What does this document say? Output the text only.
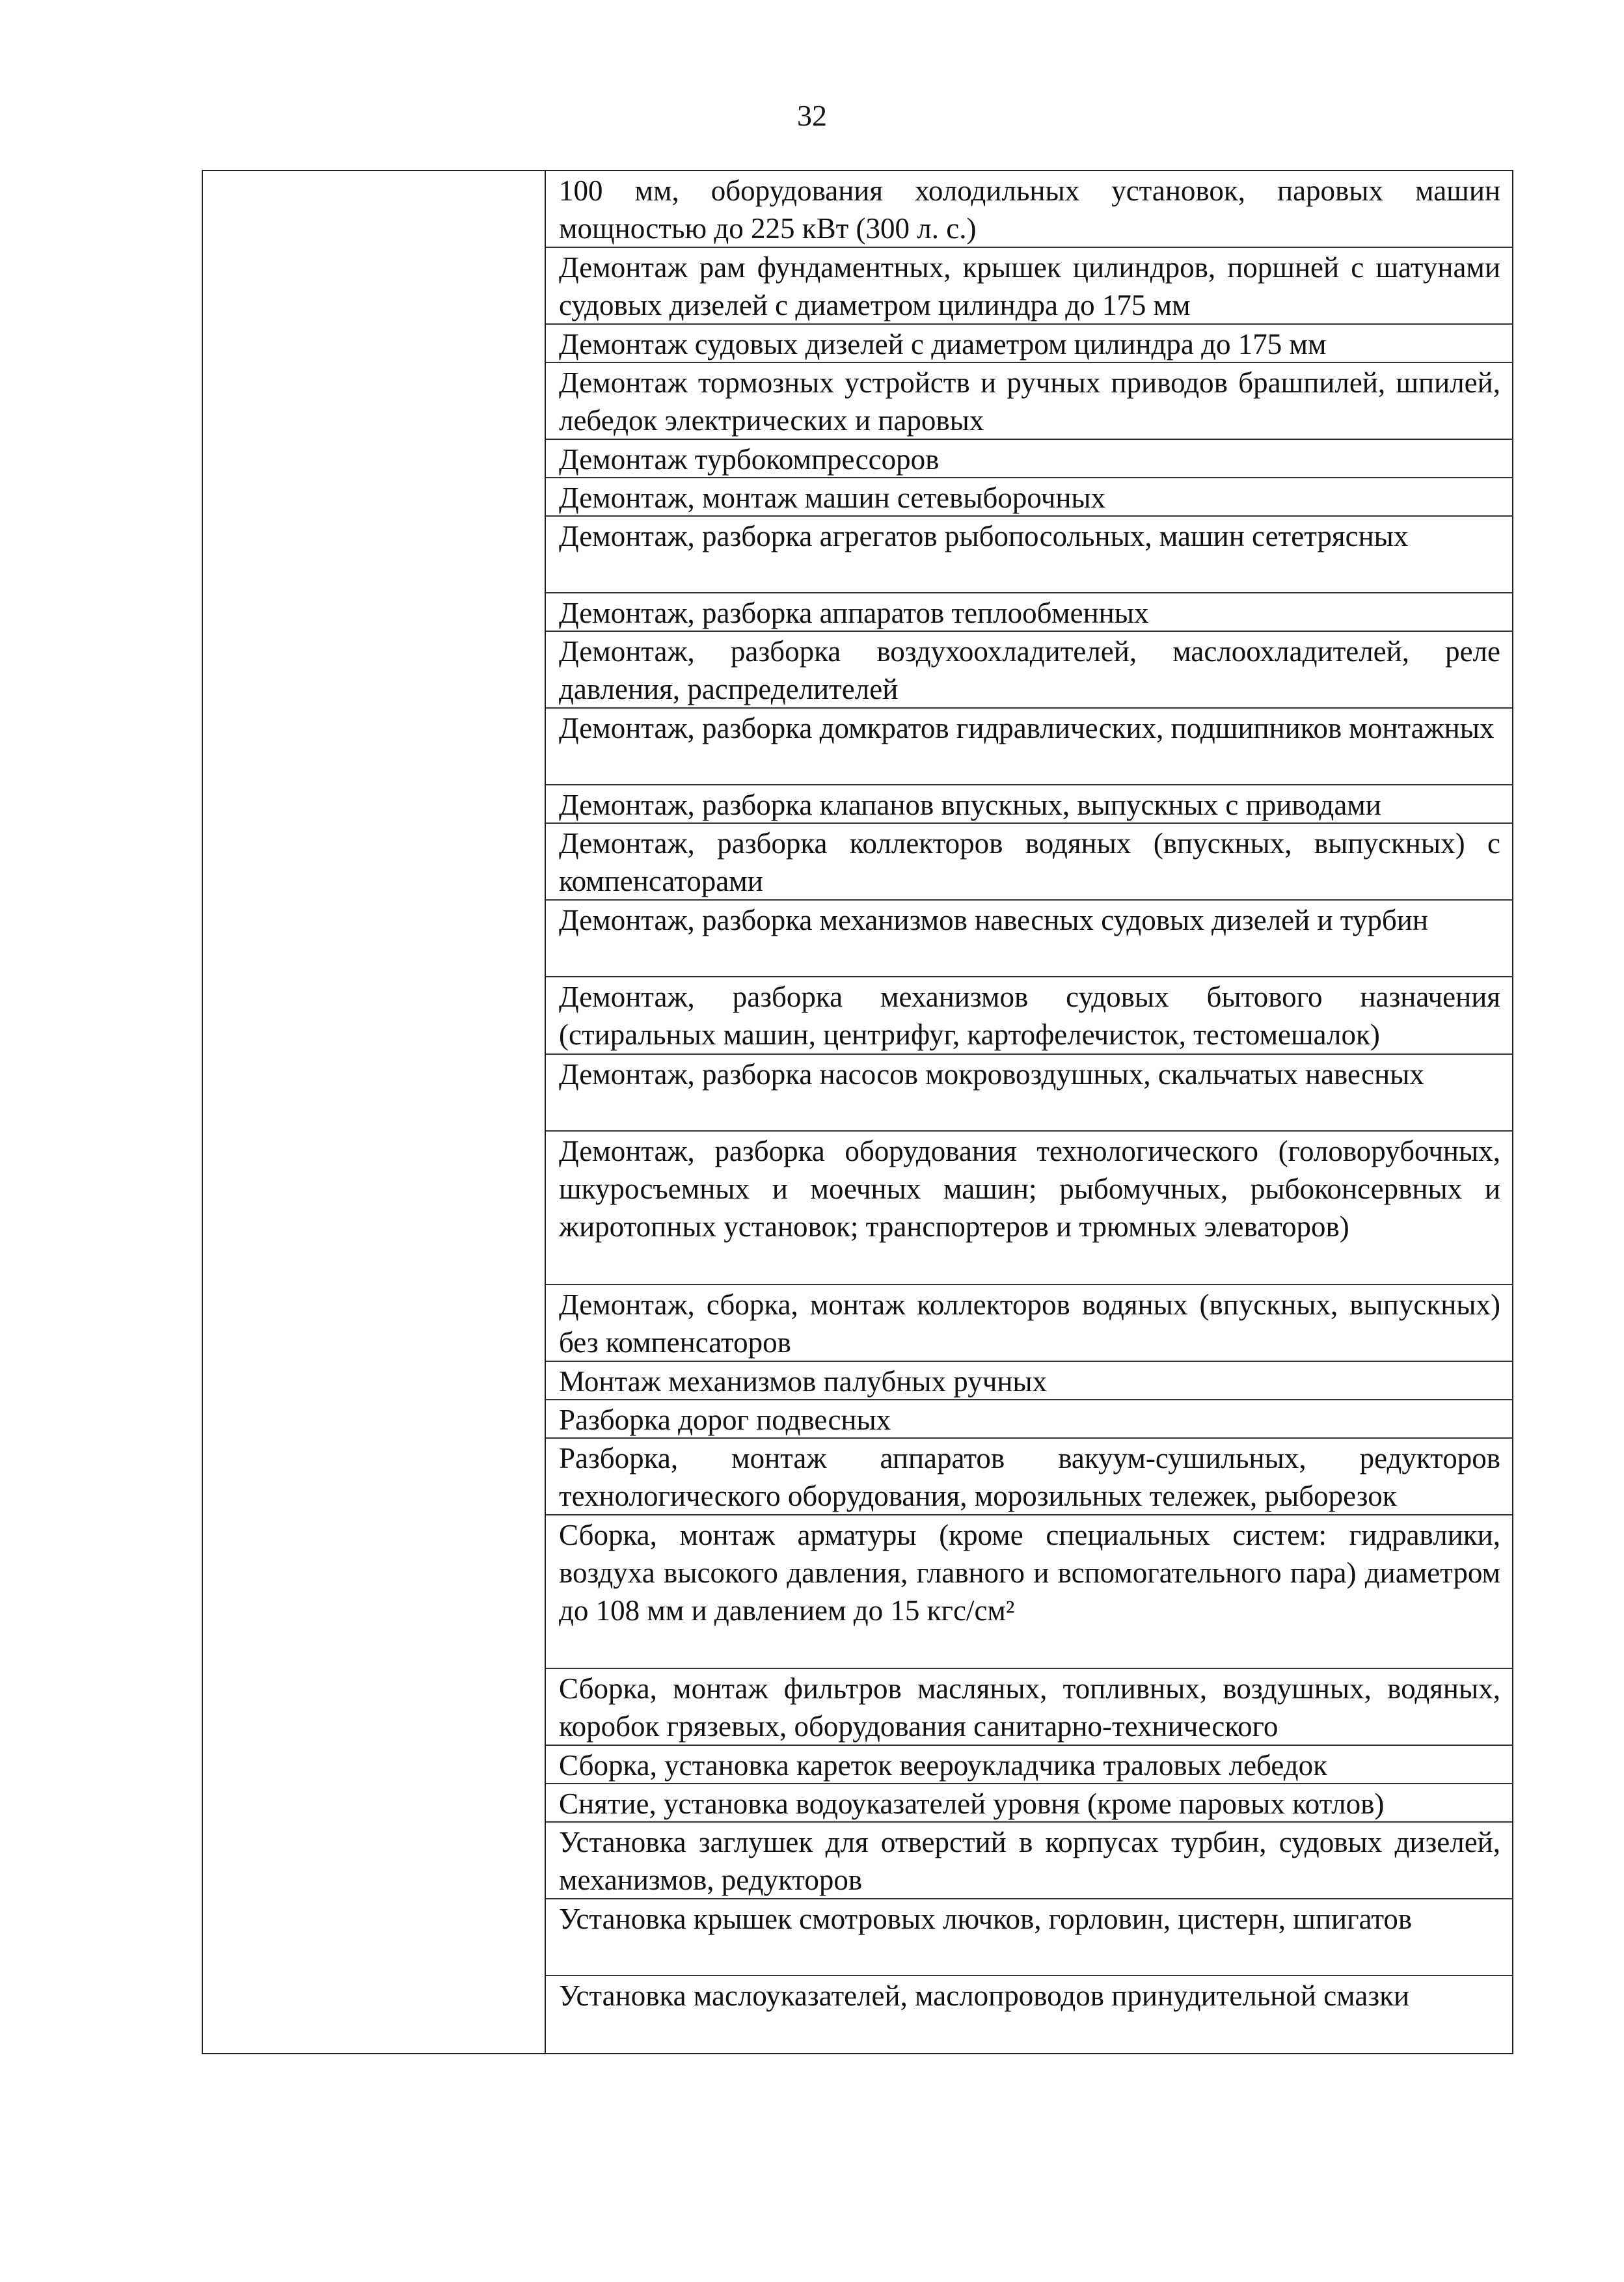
32
100 мм, оборудования холодильных установок, паровых машин мощностью до 225 кВт (300 л. с.)
Демонтаж рам фундаментных, крышек цилиндров, поршней с шатунами судовых дизелей с диаметром цилиндра до 175 мм
Демонтаж судовых дизелей с диаметром цилиндра до 175 мм
Демонтаж тормозных устройств и ручных приводов брашпилей, шпилей, лебедок электрических и паровых
Демонтаж турбокомпрессоров
Демонтаж, монтаж машин сетевыборочных
Демонтаж, разборка агрегатов рыбопосольных, машин сететрясных
Демонтаж, разборка аппаратов теплообменных
Демонтаж, разборка воздухоохладителей, маслоохладителей, реле давления, распределителей
Демонтаж, разборка домкратов гидравлических, подшипников монтажных
Демонтаж, разборка клапанов впускных, выпускных с приводами
Демонтаж, разборка коллекторов водяных (впускных, выпускных) с компенсаторами
Демонтаж, разборка механизмов навесных судовых дизелей и турбин
Демонтаж, разборка механизмов судовых бытового назначения (стиральных машин, центрифуг, картофелечисток, тестомешалок)
Демонтаж, разборка насосов мокровоздушных, скальчатых навесных
Демонтаж, разборка оборудования технологического (головорубочных, шкуросъемных и моечных машин; рыбомучных, рыбоконсервных и жиротопных установок; транспортеров и трюмных элеваторов)
Демонтаж, сборка, монтаж коллекторов водяных (впускных, выпускных) без компенсаторов
Монтаж механизмов палубных ручных
Разборка дорог подвесных
Разборка, монтаж аппаратов вакуум-сушильных, редукторов технологического оборудования, морозильных тележек, рыборезок
Сборка, монтаж арматуры (кроме специальных систем: гидравлики, воздуха высокого давления, главного и вспомогательного пара) диаметром до 108 мм и давлением до 15 кгс/см²
Сборка, монтаж фильтров масляных, топливных, воздушных, водяных, коробок грязевых, оборудования санитарно-технического
Сборка, установка кареток веероукладчика траловых лебедок
Снятие, установка водоуказателей уровня (кроме паровых котлов)
Установка заглушек для отверстий в корпусах турбин, судовых дизелей, механизмов, редукторов
Установка крышек смотровых лючков, горловин, цистерн, шпигатов
Установка маслоуказателей, маслопроводов принудительной смазки
